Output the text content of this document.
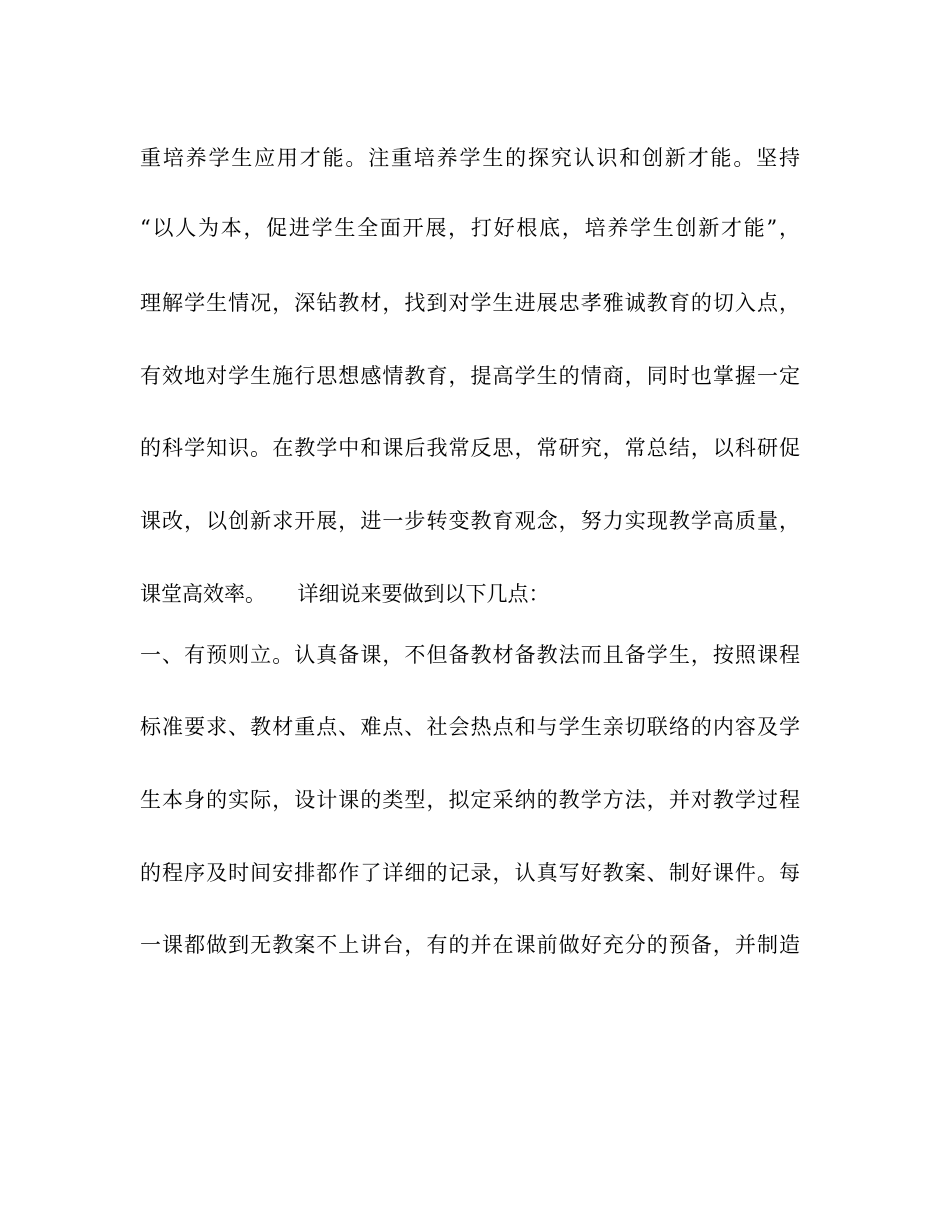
重培养学生应用才能。注重培养学生的探究认识和创新才能。坚持
“以人为本，促进学生全面开展，打好根底，培养学生创新才能”，
理解学生情况，深钻教材，找到对学生进展忠孝雅诚教育的切入点，
有效地对学生施行思想感情教育，提高学生的情商，同时也掌握一定
的科学知识。在教学中和课后我常反思，常研究，常总结，以科研促
课改，以创新求开展，进一步转变教育观念，努力实现教学高质量，
课堂高效率。　　详细说来要做到以下几点：
一、有预则立。认真备课，不但备教材备教法而且备学生，按照课程
标准要求、教材重点、难点、社会热点和与学生亲切联络的内容及学
生本身的实际，设计课的类型，拟定采纳的教学方法，并对教学过程
的程序及时间安排都作了详细的记录，认真写好教案、制好课件。每
一课都做到无教案不上讲台，有的并在课前做好充分的预备，并制造
